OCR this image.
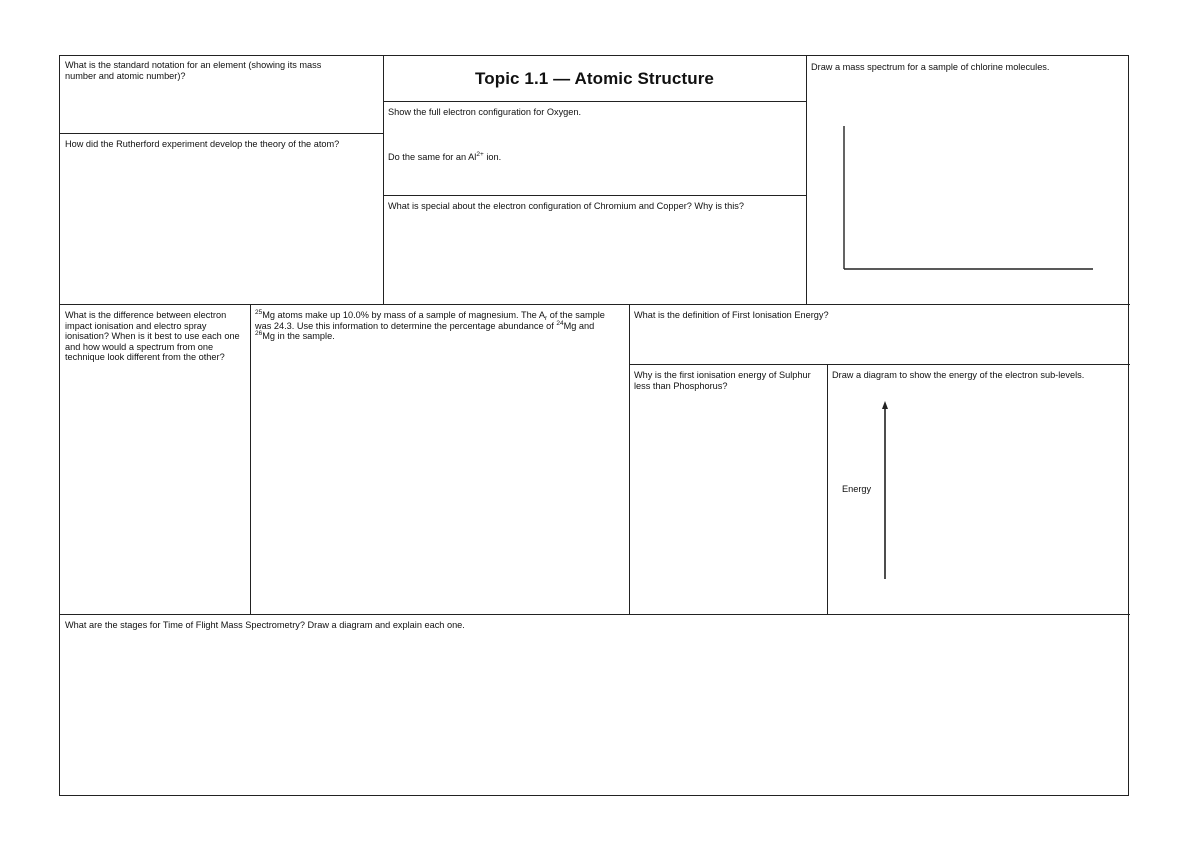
What is the standard notation for an element (showing its mass number and atomic number)?
How did the Rutherford experiment develop the theory of the atom?
Topic 1.1 — Atomic Structure
Show the full electron configuration for Oxygen.
Do the same for an $Al^{2+}$ ion.
What is special about the electron configuration of Chromium and Copper? Why is this?
Draw a mass spectrum for a sample of chlorine molecules.
What is the difference between electron impact ionisation and electro spray ionisation? When is it best to use each one and how would a spectrum from one technique look different from the other?
$^{25}$Mg atoms make up 10.0% by mass of a sample of magnesium. The $A_r$ of the sample was 24.3. Use this information to determine the percentage abundance of $^{24}$Mg and $^{26}$Mg in the sample.
What is the definition of First Ionisation Energy?
Why is the first ionisation energy of Sulphur less than Phosphorus?
Draw a diagram to show the energy of the electron sub-levels.
Energy
What are the stages for Time of Flight Mass Spectrometry? Draw a diagram and explain each one.
